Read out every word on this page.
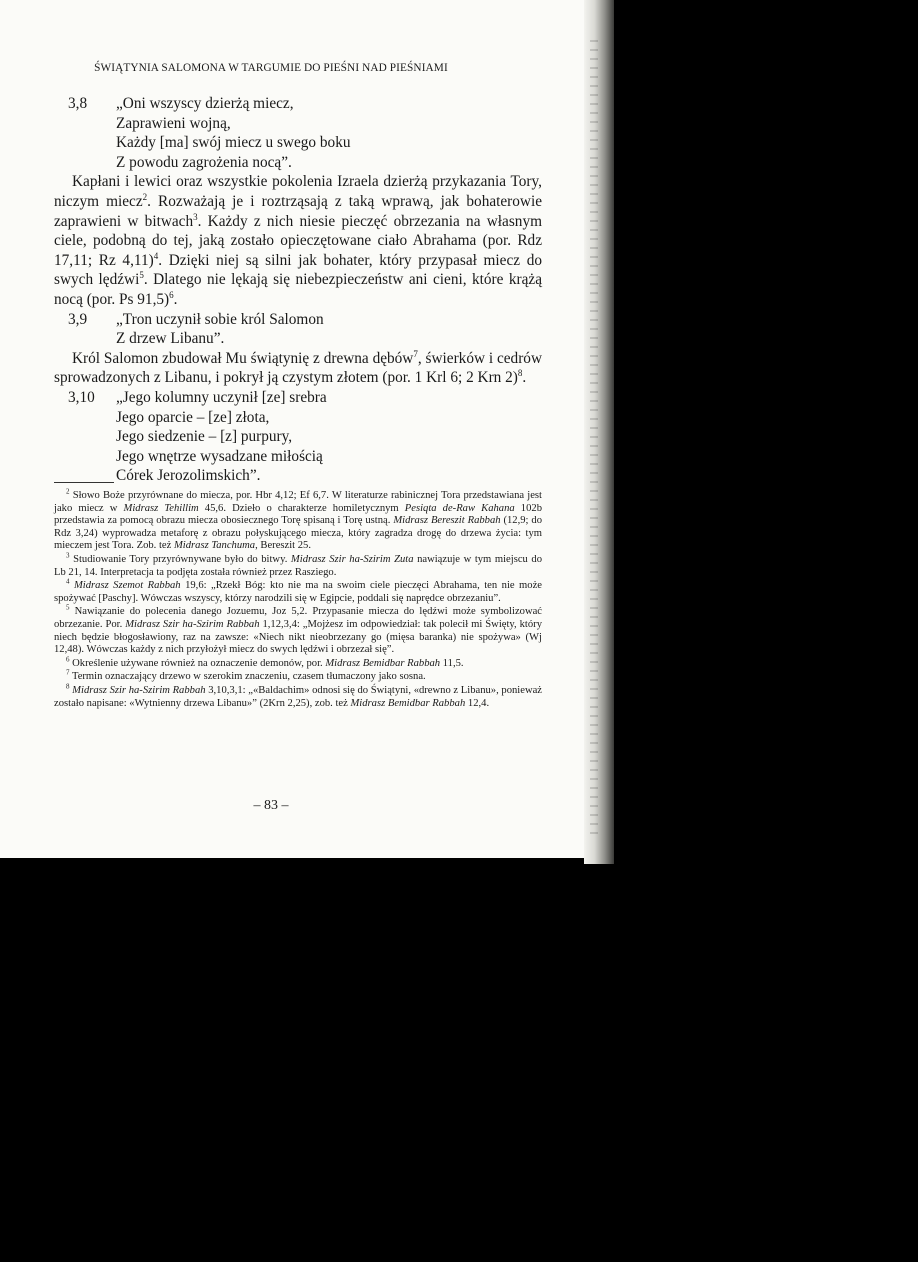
ŚWIĄTYNIA SALOMONA W TARGUMIE DO PIEŚNI NAD PIEŚNIAMI
3,8	„Oni wszyscy dzierżą miecz,
Zaprawieni wojną,
Każdy [ma] swój miecz u swego boku
Z powodu zagrożenia nocą”.

Kapłani i lewici oraz wszystkie pokolenia Izraela dzierżą przykazania Tory, niczym miecz$^2$. Rozważają je i roztrząsają z taką wprawą, jak bohaterowie zaprawieni w bitwach$^3$. Każdy z nich niesie pieczęć obrzezania na własnym ciele, podobną do tej, jaką zostało opieczętowane ciało Abrahama (por. Rdz 17,11; Rz 4,11)$^4$. Dzięki niej są silni jak bohater, który przypasał miecz do swych lędźwi$^5$. Dlatego nie lękają się niebezpieczeństw ani cieni, które krążą nocą (por. Ps 91,5)$^6$.

3,9	„Tron uczynił sobie król Salomon
Z drzew Libanu”.

Król Salomon zbudował Mu świątynię z drewna dębów$^7$, świerków i cedrów sprowadzonych z Libanu, i pokrył ją czystym złotem (por. 1 Krl 6; 2 Krn 2)$^8$.

3,10	„Jego kolumny uczynił [ze] srebra
Jego oparcie – [ze] złota,
Jego siedzenie – [z] purpury,
Jego wnętrze wysadzane miłością
Córek Jerozolimskich”.

$^2$ Słowo Boże przyrównane do miecza, por. Hbr 4,12; Ef 6,7. W literaturze rabinicznej Tora przedstawiana jest jako miecz w Midrasz Tehillim 45,6. Dzieło o charakterze homiletycznym Pesiqta de-Raw Kahana 102b przedstawia za pomocą obrazu miecza obosiecznego Torę spisaną i Torę ustną. Midrasz Bereszit Rabbah (12,9; do Rdz 3,24) wyprowadza metaforę z obrazu połyskującego miecza, który zagradza drogę do drzewa życia: tym mieczem jest Tora. Zob. też Midrasz Tanchuma, Bereszit 25.

$^3$ Studiowanie Tory przyrównywane było do bitwy. Midrasz Szir ha-Szirim Zuta nawiązuje w tym miejscu do Lb 21, 14. Interpretacja ta podjęta została również przez Rasziego.

$^4$ Midrasz Szemot Rabbah 19,6: „Rzekł Bóg: kto nie ma na swoim ciele pieczęci Abrahama, ten nie może spożywać [Paschy]. Wówczas wszyscy, którzy narodzili się w Egipcie, poddali się naprędce obrzezaniu”.

$^5$ Nawiązanie do polecenia danego Jozuemu, Joz 5,2. Przypasanie miecza do lędźwi może symbolizować obrzezanie. Por. Midrasz Szir ha-Szirim Rabbah 1,12,3,4: „Mojżesz im odpowiedział: tak polecił mi Święty, który niech będzie błogosławiony, raz na zawsze: «Niech nikt nieobrzezany go (mięsa baranka) nie spożywa» (Wj 12,48). Wówczas każdy z nich przyłożył miecz do swych lędźwi i obrzezał się”.

$^6$ Określenie używane również na oznaczenie demonów, por. Midrasz Bemidbar Rabbah 11,5.

$^7$ Termin oznaczający drzewo w szerokim znaczeniu, czasem tłumaczony jako sosna.

$^8$ Midrasz Szir ha-Szirim Rabbah 3,10,3,1: „«Baldachim» odnosi się do Świątyni, «drewno z Libanu», ponieważ zostało napisane: «Wytnienny drzewa Libanu»” (2Krn 2,25), zob. też Midrasz Bemidbar Rabbah 12,4.

– 83 –
